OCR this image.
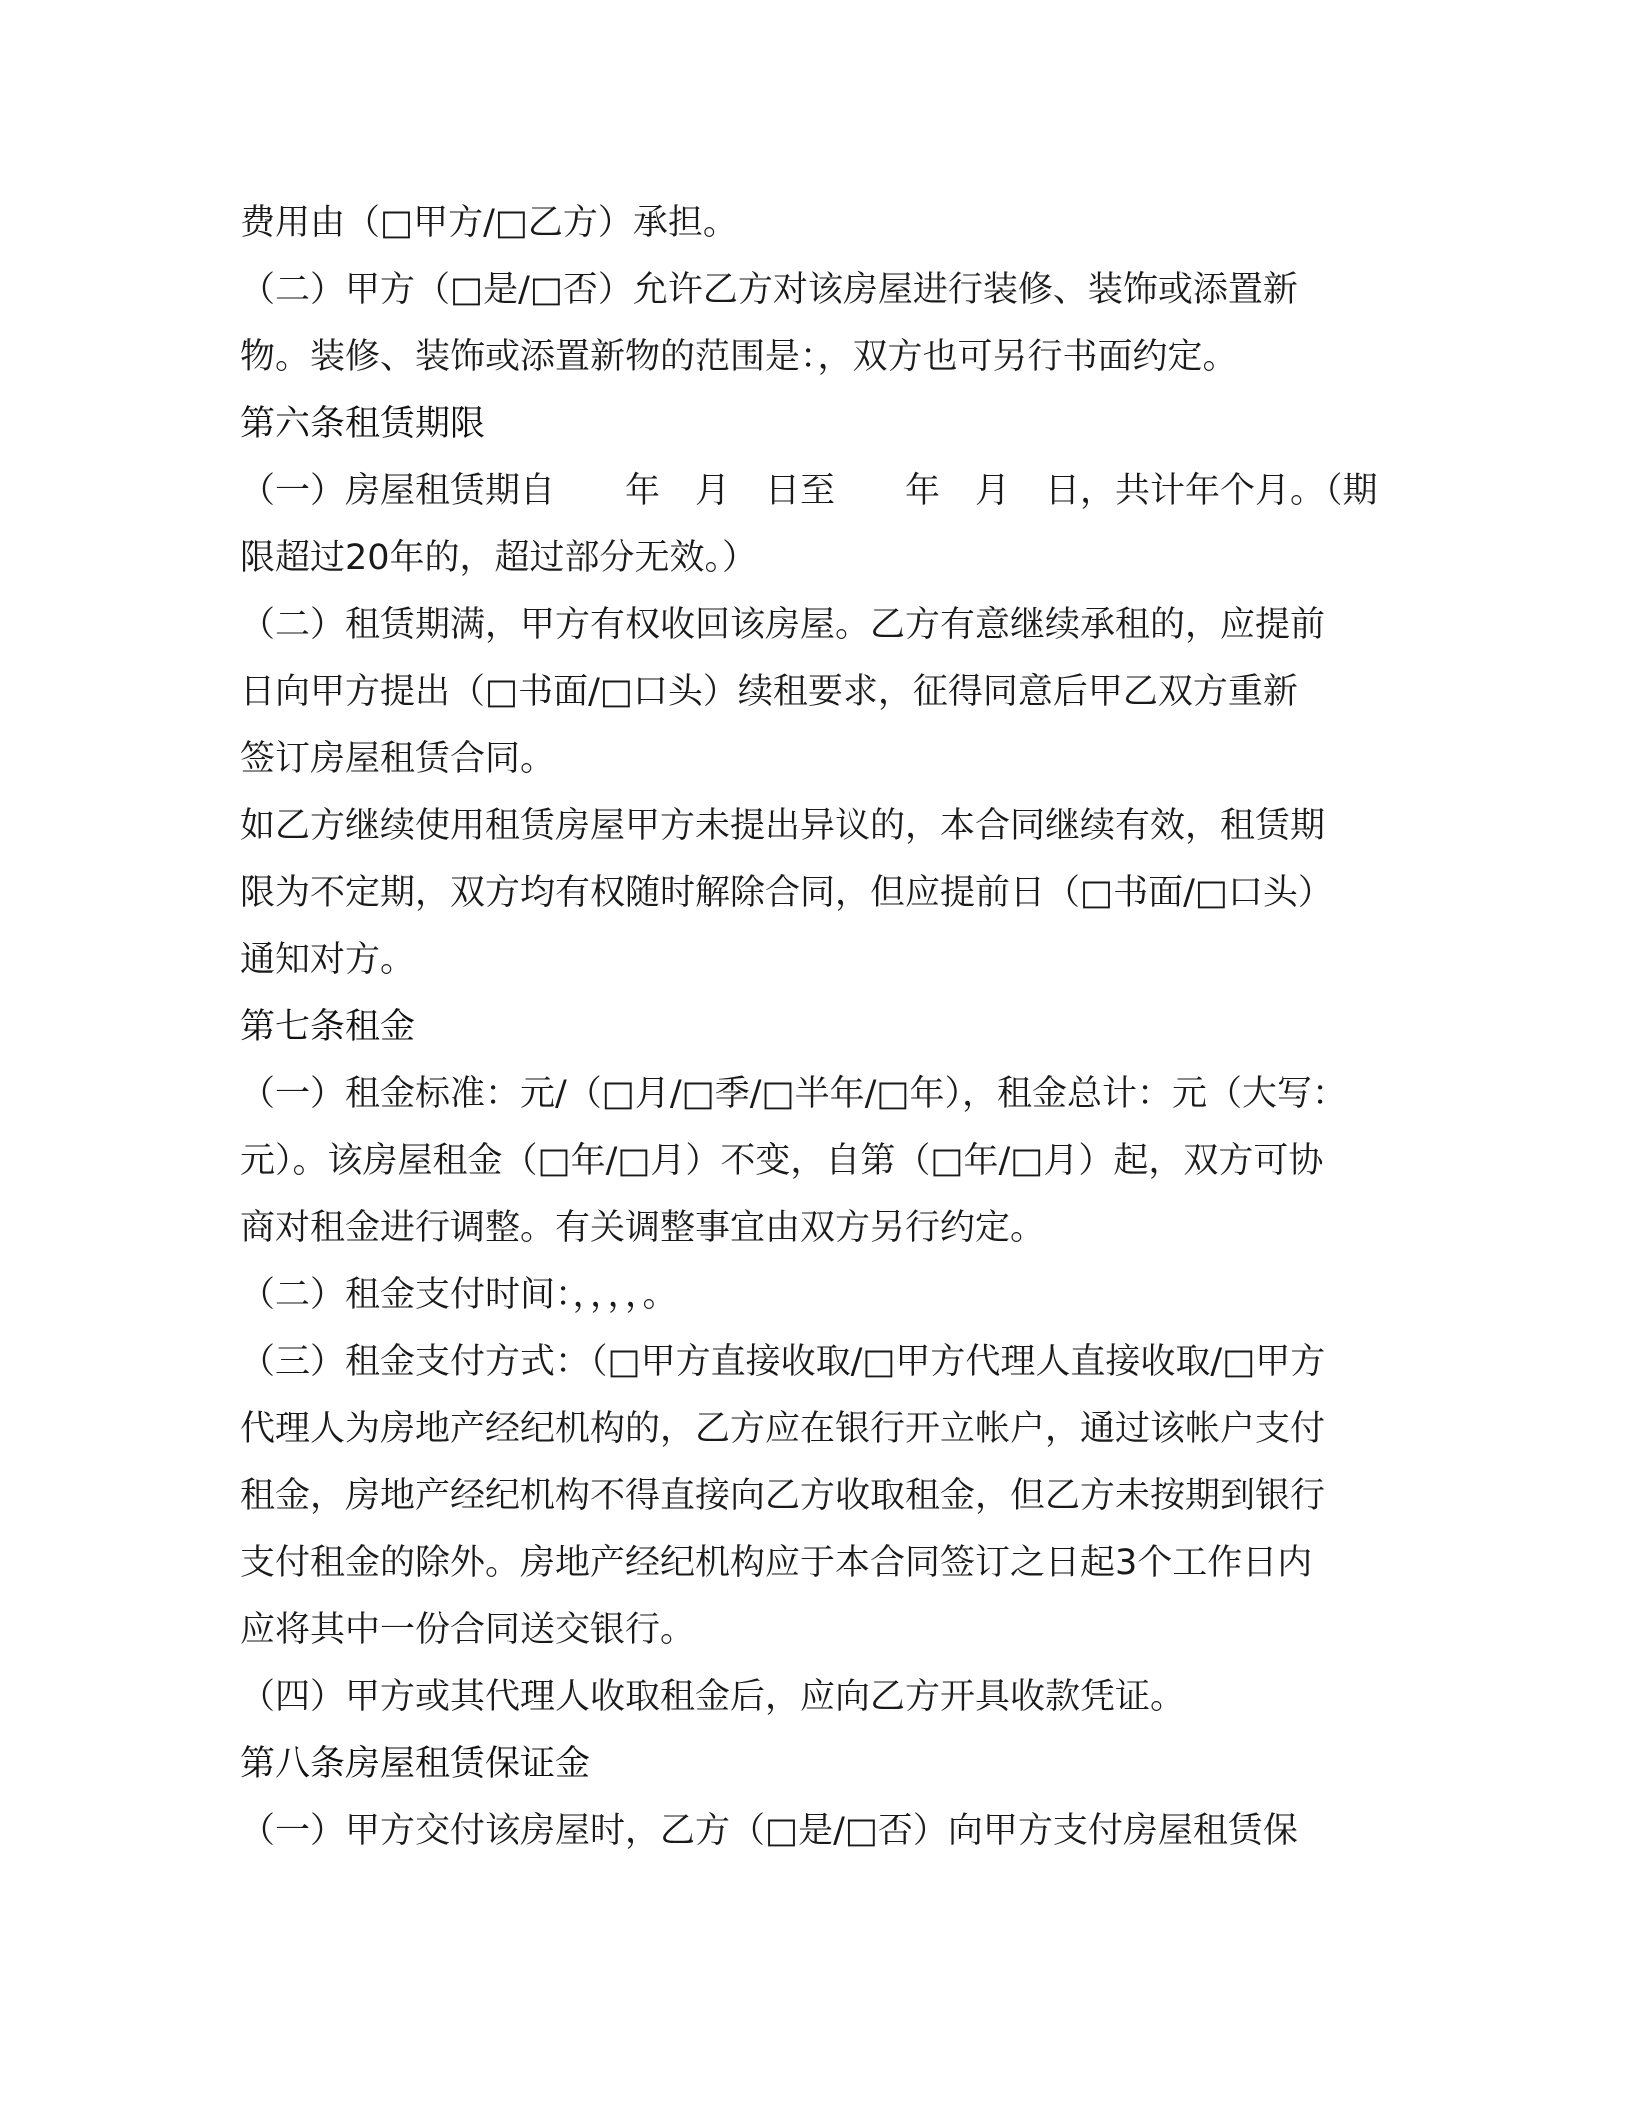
费用由（□甲方/□乙方）承担。
（二）甲方（□是/□否）允许乙方对该房屋进行装修、装饰或添置新
物。装修、装饰或添置新物的范围是：，双方也可另行书面约定。
第六条租赁期限
（一）房屋租赁期自　　年　月　日至　　年　月　日，共计年个月。（期
限超过20年的，超过部分无效。）
（二）租赁期满，甲方有权收回该房屋。乙方有意继续承租的，应提前
日向甲方提出（□书面/□口头）续租要求，征得同意后甲乙双方重新
签订房屋租赁合同。
如乙方继续使用租赁房屋甲方未提出异议的，本合同继续有效，租赁期
限为不定期，双方均有权随时解除合同，但应提前日（□书面/□口头）
通知对方。
第七条租金
（一）租金标准：元/（□月/□季/□半年/□年），租金总计：元（大写：
元）。该房屋租金（□年/□月）不变，自第（□年/□月）起，双方可协
商对租金进行调整。有关调整事宜由双方另行约定。
（二）租金支付时间：，，，，。
（三）租金支付方式：（□甲方直接收取/□甲方代理人直接收取/□甲方
代理人为房地产经纪机构的，乙方应在银行开立帐户，通过该帐户支付
租金，房地产经纪机构不得直接向乙方收取租金，但乙方未按期到银行
支付租金的除外。房地产经纪机构应于本合同签订之日起3个工作日内
应将其中一份合同送交银行。
（四）甲方或其代理人收取租金后，应向乙方开具收款凭证。
第八条房屋租赁保证金
（一）甲方交付该房屋时，乙方（□是/□否）向甲方支付房屋租赁保
